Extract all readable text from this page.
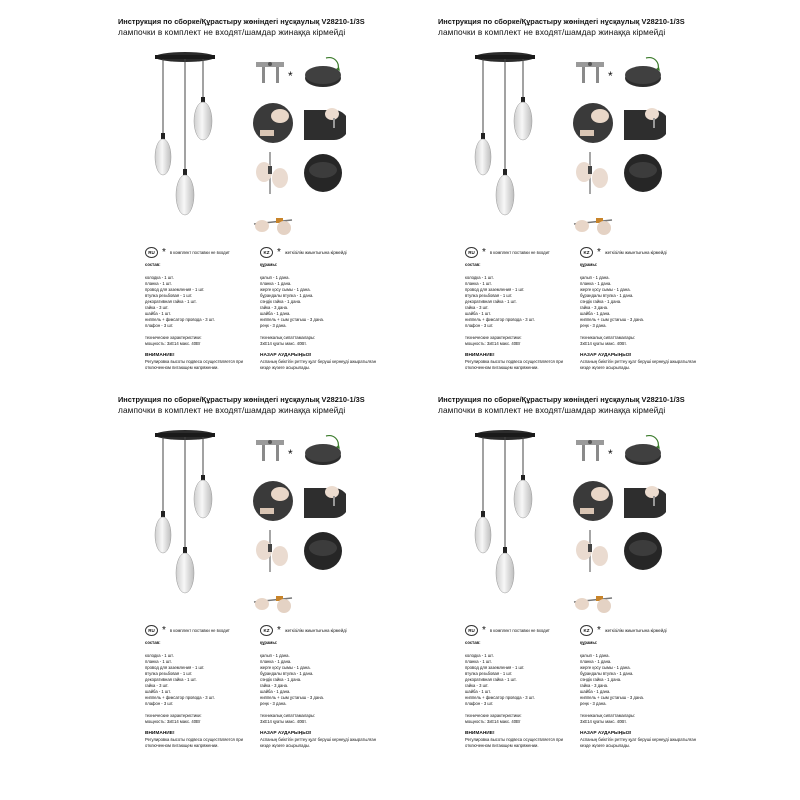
Инструкция по сборке/Құрастыру жөніндегі нұсқаулық V28210-1/3S
лампочки в комплект не входят/шамдар жинаққа кірмейді
*
RU * в комплект поставки не входит	KZ * жеткізілім жиынтығына кірмейді
состав:
колодка - 1 шт.
планка - 1 шт.
провод для заземления - 1 шт.
втулка резьбовая - 1 шт.
декоративная гайка - 1 шт.
гайка - 3 шт.
шайба - 1 шт.
ниппель + фиксатор провода - 3 шт.
плафон - 3 шт.
технические характеристики:
мощность: 3xE14 макс. 40Вт
ВНИМАНИЕ!
Регулировка высоты подвеса осуществляется при отключенном питающем напряжении.
құрамы:
қалып - 1 дана.
планка - 1 дана.
жерге қосу сымы - 1 дана.
бұрандалы втулка - 1 дана.
сәндік гайка - 1 дана.
гайка - 3 дана.
шайба - 1 дана.
ниппель + сым ұстағыш - 3 дана.
реңк - 3 дана.
техникалық сипаттамалары:
3xE14 қуаты макс. 40Вт.
НАЗАР АУДАРЫҢЫЗ!
Аспаның биіктігін реттеу қуат беруші кернеуді ажыратылған кезде жүзеге асырылады.
Инструкция по сборке/Құрастыру жөніндегі нұсқаулық V28210-1/3S
лампочки в комплект не входят/шамдар жинаққа кірмейді
*
RU * в комплект поставки не входит	KZ * жеткізілім жиынтығына кірмейді
состав:
колодка - 1 шт.
планка - 1 шт.
провод для заземления - 1 шт.
втулка резьбовая - 1 шт.
декоративная гайка - 1 шт.
гайка - 3 шт.
шайба - 1 шт.
ниппель + фиксатор провода - 3 шт.
плафон - 3 шт.
технические характеристики:
мощность: 3xE14 макс. 40Вт
ВНИМАНИЕ!
Регулировка высоты подвеса осуществляется при отключенном питающем напряжении.
құрамы:
қалып - 1 дана.
планка - 1 дана.
жерге қосу сымы - 1 дана.
бұрандалы втулка - 1 дана.
сәндік гайка - 1 дана.
гайка - 3 дана.
шайба - 1 дана.
ниппель + сым ұстағыш - 3 дана.
реңк - 3 дана.
техникалық сипаттамалары:
3xE14 қуаты макс. 40Вт.
НАЗАР АУДАРЫҢЫЗ!
Аспаның биіктігін реттеу қуат беруші кернеуді ажыратылған кезде жүзеге асырылады.
Инструкция по сборке/Құрастыру жөніндегі нұсқаулық V28210-1/3S
лампочки в комплект не входят/шамдар жинаққа кірмейді
*
RU * в комплект поставки не входит	KZ * жеткізілім жиынтығына кірмейді
состав:
колодка - 1 шт.
планка - 1 шт.
провод для заземления - 1 шт.
втулка резьбовая - 1 шт.
декоративная гайка - 1 шт.
гайка - 3 шт.
шайба - 1 шт.
ниппель + фиксатор провода - 3 шт.
плафон - 3 шт.
технические характеристики:
мощность: 3xE14 макс. 40Вт
ВНИМАНИЕ!
Регулировка высоты подвеса осуществляется при отключенном питающем напряжении.
құрамы:
қалып - 1 дана.
планка - 1 дана.
жерге қосу сымы - 1 дана.
бұрандалы втулка - 1 дана.
сәндік гайка - 1 дана.
гайка - 3 дана.
шайба - 1 дана.
ниппель + сым ұстағыш - 3 дана.
реңк - 3 дана.
техникалық сипаттамалары:
3xE14 қуаты макс. 40Вт.
НАЗАР АУДАРЫҢЫЗ!
Аспаның биіктігін реттеу қуат беруші кернеуді ажыратылған кезде жүзеге асырылады.
Инструкция по сборке/Құрастыру жөніндегі нұсқаулық V28210-1/3S
лампочки в комплект не входят/шамдар жинаққа кірмейді
*
RU * в комплект поставки не входит	KZ * жеткізілім жиынтығына кірмейді
состав:
колодка - 1 шт.
планка - 1 шт.
провод для заземления - 1 шт.
втулка резьбовая - 1 шт.
декоративная гайка - 1 шт.
гайка - 3 шт.
шайба - 1 шт.
ниппель + фиксатор провода - 3 шт.
плафон - 3 шт.
технические характеристики:
мощность: 3xE14 макс. 40Вт
ВНИМАНИЕ!
Регулировка высоты подвеса осуществляется при отключенном питающем напряжении.
құрамы:
қалып - 1 дана.
планка - 1 дана.
жерге қосу сымы - 1 дана.
бұрандалы втулка - 1 дана.
сәндік гайка - 1 дана.
гайка - 3 дана.
шайба - 1 дана.
ниппель + сым ұстағыш - 3 дана.
реңк - 3 дана.
техникалық сипаттамалары:
3xE14 қуаты макс. 40Вт.
НАЗАР АУДАРЫҢЫЗ!
Аспаның биіктігін реттеу қуат беруші кернеуді ажыратылған кезде жүзеге асырылады.
